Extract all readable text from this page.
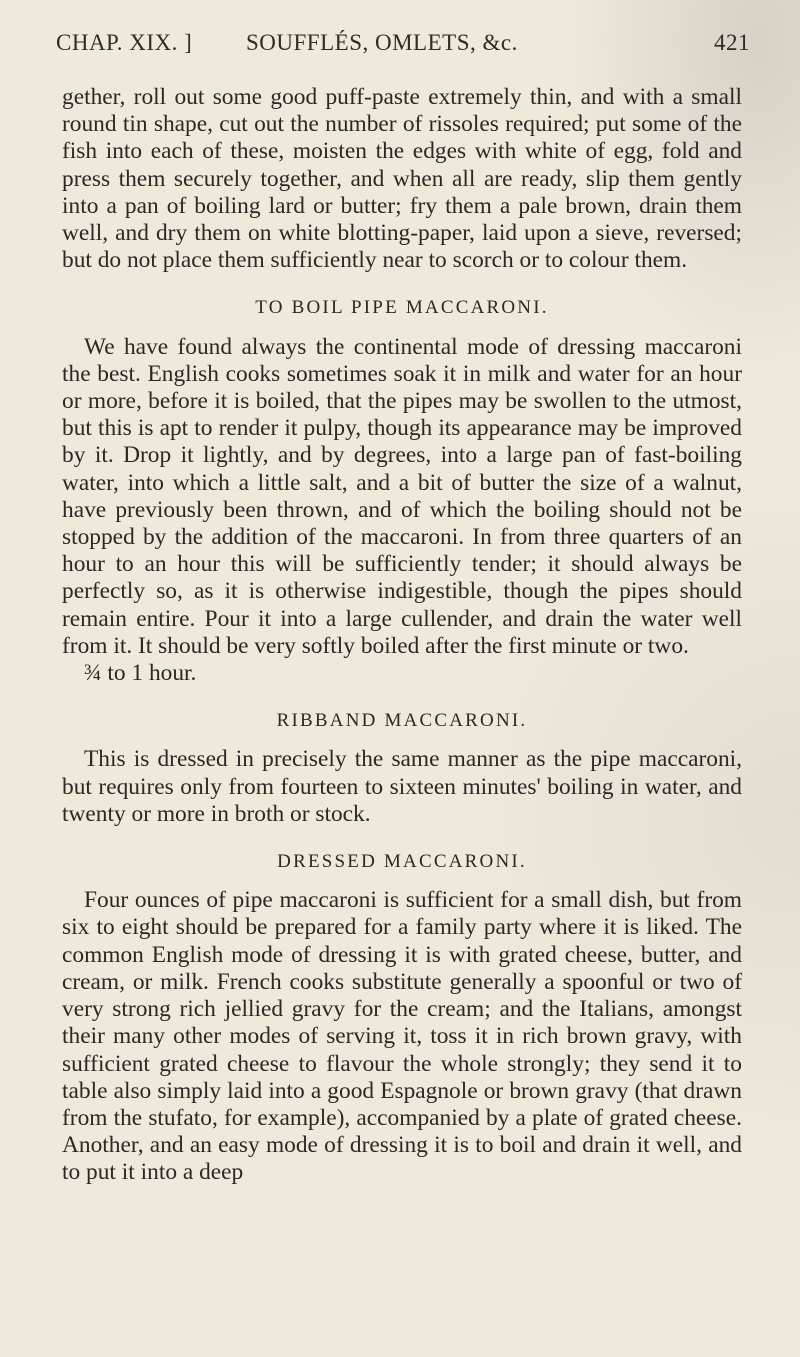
CHAP. XIX. ] SOUFFLÉS, OMLETS, &c.	421

gether, roll out some good puff-paste extremely thin, and with a small round tin shape, cut out the number of rissoles required; put some of the fish into each of these, moisten the edges with white of egg, fold and press them securely together, and when all are ready, slip them gently into a pan of boiling lard or butter; fry them a pale brown, drain them well, and dry them on white blotting-paper, laid upon a sieve, reversed; but do not place them sufficiently near to scorch or to colour them.

TO BOIL PIPE MACCARONI.

We have found always the continental mode of dressing maccaroni the best. English cooks sometimes soak it in milk and water for an hour or more, before it is boiled, that the pipes may be swollen to the utmost, but this is apt to render it pulpy, though its appearance may be improved by it. Drop it lightly, and by degrees, into a large pan of fast-boiling water, into which a little salt, and a bit of butter the size of a walnut, have previously been thrown, and of which the boiling should not be stopped by the addition of the maccaroni. In from three quarters of an hour to an hour this will be sufficiently tender; it should always be perfectly so, as it is otherwise indigestible, though the pipes should remain entire. Pour it into a large cullender, and drain the water well from it. It should be very softly boiled after the first minute or two.

¾ to 1 hour.

RIBBAND MACCARONI.

This is dressed in precisely the same manner as the pipe maccaroni, but requires only from fourteen to sixteen minutes' boiling in water, and twenty or more in broth or stock.

DRESSED MACCARONI.

Four ounces of pipe maccaroni is sufficient for a small dish, but from six to eight should be prepared for a family party where it is liked. The common English mode of dressing it is with grated cheese, butter, and cream, or milk. French cooks substitute generally a spoonful or two of very strong rich jellied gravy for the cream; and the Italians, amongst their many other modes of serving it, toss it in rich brown gravy, with sufficient grated cheese to flavour the whole strongly; they send it to table also simply laid into a good Espagnole or brown gravy (that drawn from the stufato, for example), accompanied by a plate of grated cheese. Another, and an easy mode of dressing it is to boil and drain it well, and to put it into a deep
